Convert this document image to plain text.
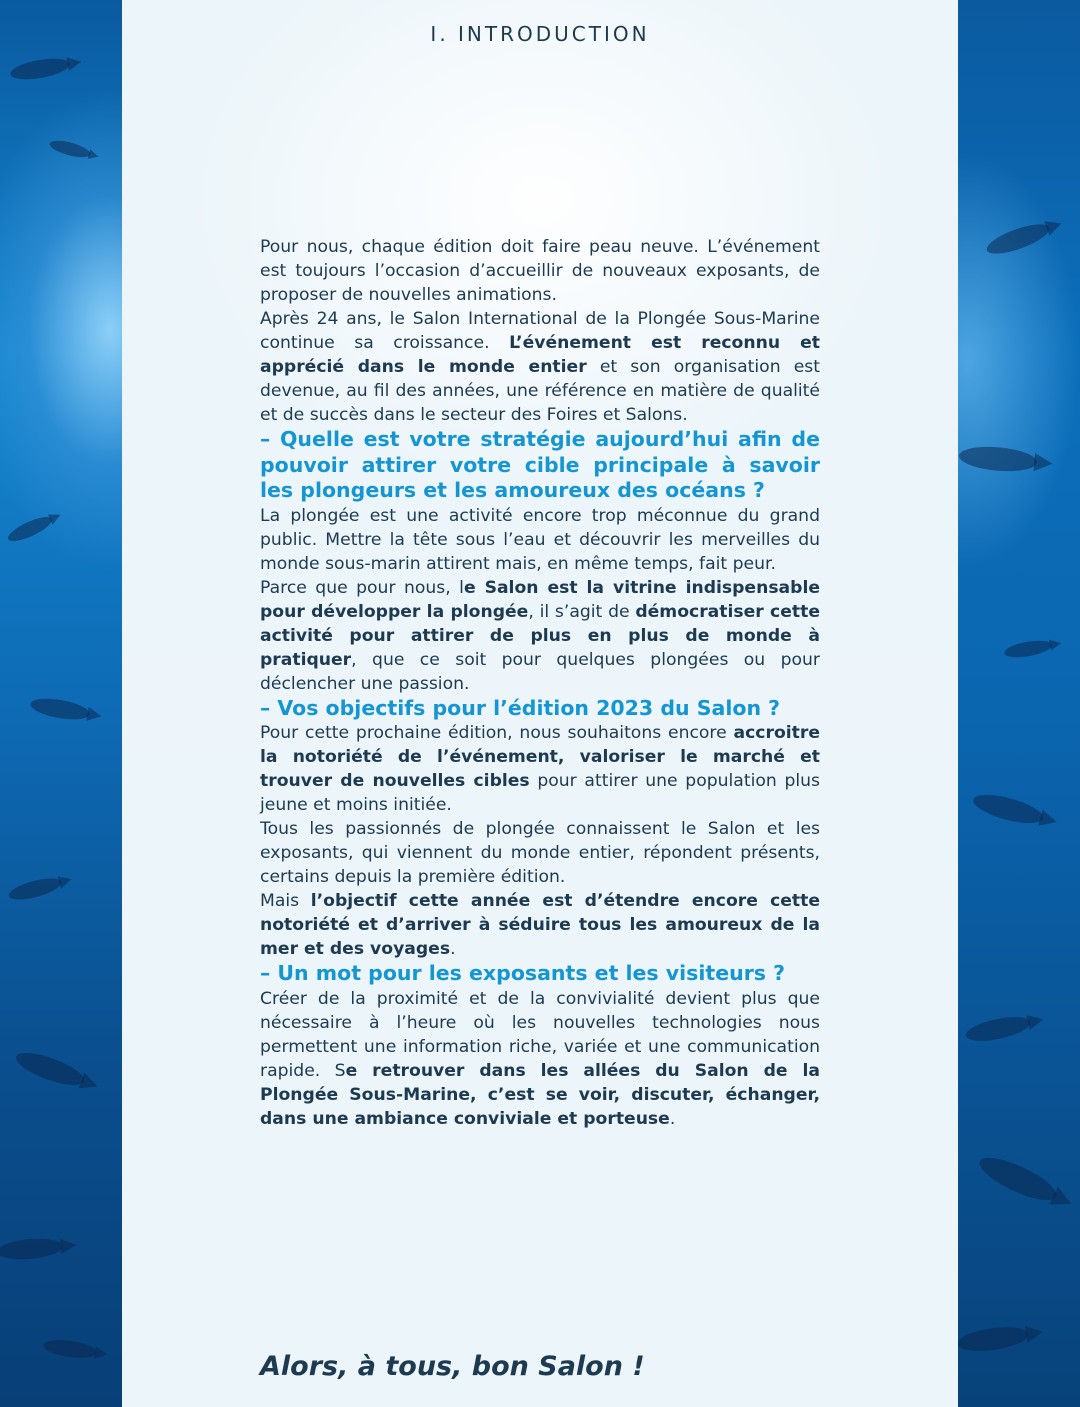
I. INTRODUCTION

Pour nous, chaque édition doit faire peau neuve. L’événement est toujours l’occasion d’accueillir de nouveaux exposants, de proposer de nouvelles animations.

Après 24 ans, le Salon International de la Plongée Sous-Marine continue sa croissance. L’événement est reconnu et apprécié dans le monde entier et son organisation est devenue, au fil des années, une référence en matière de qualité et de succès dans le secteur des Foires et Salons.

– Quelle est votre stratégie aujourd’hui afin de pouvoir attirer votre cible principale à savoir les plongeurs et les amoureux des océans ?

La plongée est une activité encore trop méconnue du grand public. Mettre la tête sous l’eau et découvrir les merveilles du monde sous-marin attirent mais, en même temps, fait peur.

Parce que pour nous, le Salon est la vitrine indispensable pour développer la plongée, il s’agit de démocratiser cette activité pour attirer de plus en plus de monde à pratiquer, que ce soit pour quelques plongées ou pour déclencher une passion.

– Vos objectifs pour l’édition 2023 du Salon ?

Pour cette prochaine édition, nous souhaitons encore accroitre la notoriété de l’événement, valoriser le marché et trouver de nouvelles cibles pour attirer une population plus jeune et moins initiée.

Tous les passionnés de plongée connaissent le Salon et les exposants, qui viennent du monde entier, répondent présents, certains depuis la première édition.

Mais l’objectif cette année est d’étendre encore cette notoriété et d’arriver à séduire tous les amoureux de la mer et des voyages.

– Un mot pour les exposants et les visiteurs ?

Créer de la proximité et de la convivialité devient plus que nécessaire à l’heure où les nouvelles technologies nous permettent une information riche, variée et une communication rapide. Se retrouver dans les allées du Salon de la Plongée Sous-Marine, c’est se voir, discuter, échanger, dans une ambiance conviviale et porteuse.

Alors, à tous, bon Salon !
